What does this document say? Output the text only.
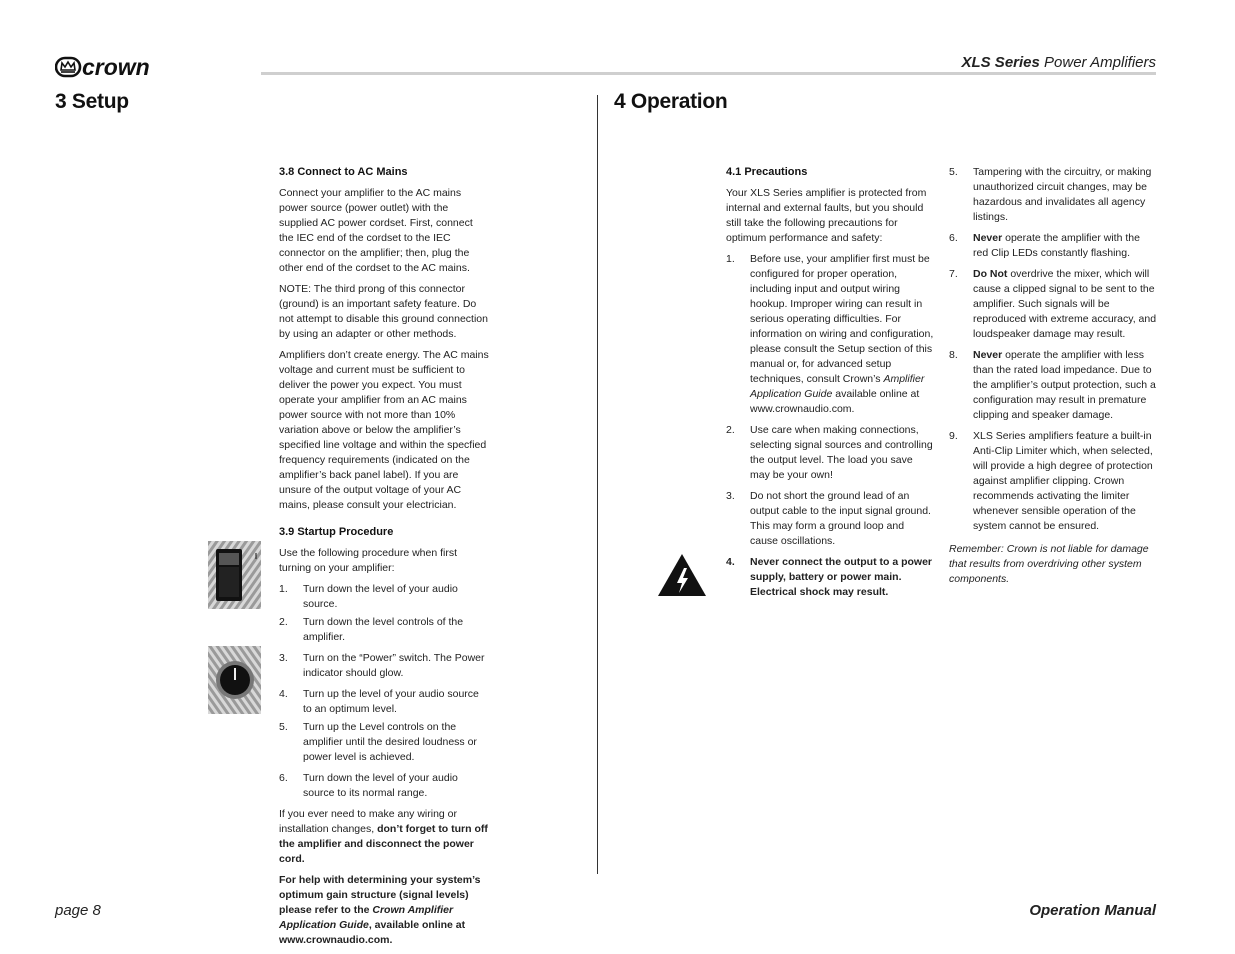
crown	XLS Series Power Amplifiers
3 Setup	4 Operation

3.8 Connect to AC Mains

Connect your amplifier to the AC mains power source (power outlet) with the supplied AC power cordset. First, connect the IEC end of the cordset to the IEC connector on the amplifier; then, plug the other end of the cordset to the AC mains.

NOTE: The third prong of this connector (ground) is an important safety feature. Do not attempt to disable this ground connection by using an adapter or other methods.

Amplifiers don’t create energy. The AC mains voltage and current must be sufficient to deliver the power you expect. You must operate your amplifier from an AC mains power source with not more than 10% variation above or below the amplifier’s specified line voltage and within the specfied frequency requirements (indicated on the amplifier’s back panel label). If you are unsure of the output voltage of your AC mains, please consult your electrician.

3.9 Startup Procedure

Use the following procedure when first turning on your amplifier:

1.	Turn down the level of your audio source.
2.	Turn down the level controls of the amplifier.
3.	Turn on the “Power” switch. The Power indicator should glow.
4.	Turn up the level of your audio source to an optimum level.
5.	Turn up the Level controls on the amplifier until the desired loudness or power level is achieved.
6.	Turn down the level of your audio source to its normal range.

If you ever need to make any wiring or installation changes, don’t forget to turn off the amplifier and disconnect the power cord.

For help with determining your system’s optimum gain structure (signal levels) please refer to the Crown Amplifier Application Guide, available online at www.crownaudio.com.

4.1 Precautions

Your XLS Series amplifier is protected from internal and external faults, but you should still take the following precautions for optimum performance and safety:

1.	Before use, your amplifier first must be configured for proper operation, including input and output wiring hookup. Improper wiring can result in serious operating difficulties. For information on wiring and configuration, please consult the Setup section of this manual or, for advanced setup techniques, consult Crown’s Amplifier Application Guide available online at www.crownaudio.com.
2.	Use care when making connections, selecting signal sources and controlling the output level. The load you save may be your own!
3.	Do not short the ground lead of an output cable to the input signal ground. This may form a ground loop and cause oscillations.
4.	Never connect the output to a power supply, battery or power main. Electrical shock may result.
5.	Tampering with the circuitry, or making unauthorized circuit changes, may be hazardous and invalidates all agency listings.
6.	Never operate the amplifier with the red Clip LEDs constantly flashing.
7.	Do Not overdrive the mixer, which will cause a clipped signal to be sent to the amplifier. Such signals will be reproduced with extreme accuracy, and loudspeaker damage may result.
8.	Never operate the amplifier with less than the rated load impedance. Due to the amplifier’s output protection, such a configuration may result in premature clipping and speaker damage.
9.	XLS Series amplifiers feature a built-in Anti-Clip Limiter which, when selected, will provide a high degree of protection against amplifier clipping. Crown recommends activating the limiter whenever sensible operation of the system cannot be ensured.

Remember: Crown is not liable for damage that results from overdriving other system components.

page 8	Operation Manual
